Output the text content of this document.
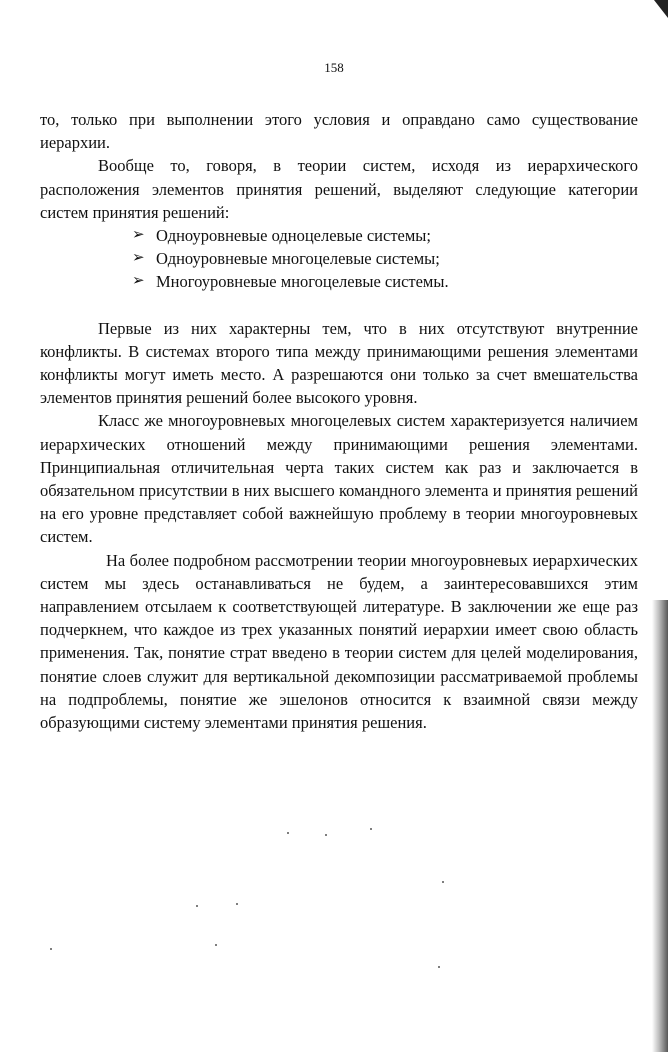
158

то, только при выполнении этого условия и оправдано само существование иерархии.

Вообще то, говоря, в теории систем, исходя из иерархического расположения элементов принятия решений, выделяют следующие категории систем принятия решений:

➢ Одноуровневые одноцелевые системы;
➢ Одноуровневые многоцелевые системы;
➢ Многоуровневые многоцелевые системы.

Первые из них характерны тем, что в них отсутствуют внутренние конфликты. В системах второго типа между принимающими решения элементами конфликты могут иметь место. А разрешаются они только за счет вмешательства элементов принятия решений более высокого уровня.

Класс же многоуровневых многоцелевых систем характеризуется наличием иерархических отношений между принимающими решения элементами. Принципиальная отличительная черта таких систем как раз и заключается в обязательном присутствии в них высшего командного элемента и принятия решений на его уровне представляет собой важнейшую проблему в теории многоуровневых систем.

На более подробном рассмотрении теории многоуровневых иерархических систем мы здесь останавливаться не будем, а заинтересовавшихся этим направлением отсылаем к соответствующей литературе. В заключении же еще раз подчеркнем, что каждое из трех указанных понятий иерархии имеет свою область применения. Так, понятие страт введено в теории систем для целей моделирования, понятие слоев служит для вертикальной декомпозиции рассматриваемой проблемы на подпроблемы, понятие же эшелонов относится к взаимной связи между образующими систему элементами принятия решения.
